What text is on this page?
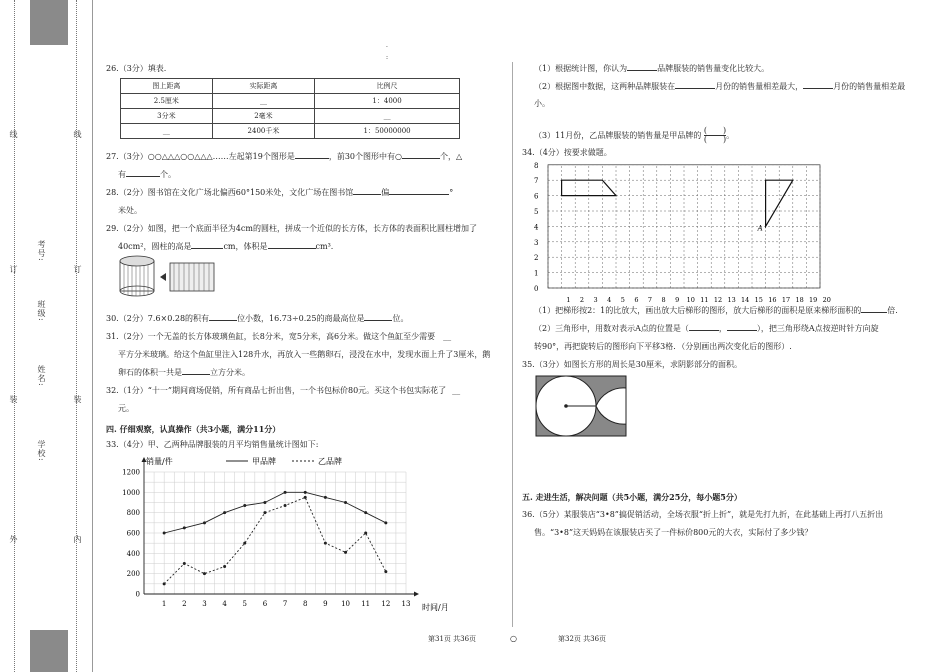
装
订
线
外
装
订
线
内
学校:
姓名:
班级:
考号:
·
:
26.（3分）填表.
图上距离	实际距离	比例尺
2.5厘米	__	1：4000
3分米	2毫米	__
__	2400千米	1：50000000
27.（3分）○○△△△○○△△△……左起第19个图形是	，前30个图形中有○	个，△
有	个。
28.（2分）图书馆在文化广场北偏西60°150米处，文化广场在图书馆	偏	°
米处。
29.（2分）如图，把一个底面半径为4cm的圆柱，拼成一个近似的长方体，长方体的表面积比圆柱增加了
40cm²，圆柱的高是	cm，体积是	cm³.
30.（2分）7.6×0.28的积有	位小数，16.73÷0.25的商最高位是	位。
31.（2分）一个无盖的长方体玻璃鱼缸，长8分米，宽5分米，高6分米。做这个鱼缸至少需要 __
平方分米玻璃。给这个鱼缸里注入128升水，再放入一些鹅卵石，浸没在水中，发现水面上升了3厘米，鹅
卵石的体积一共是	立方分米。
32.（1分）“十一”期间商场促销，所有商品七折出售，一个书包标价80元。买这个书包实际花了 __
元。
四. 仔细观察，认真操作（共3小题，满分11分）
33.（4分）甲、乙两种品牌服装的月平均销售量统计图如下:
0
200
400
600
800
1000
1200
1 2 3 4 5 6 7 8 9 10 11 12 13
销量/件
时间/月
甲品牌	乙品牌
（1）根据统计图，你认为	品牌服装的销售量变化比较大。
（2）根据图中数据，这两种品牌服装在	月份的销售量相差最大，	月份的销售量相差最
小。
（3）11月份，乙品牌服装的销售量是甲品牌的
(　　)
(　　) 。
34.（4分）按要求做题。
8
7
6
5
4
3
2
1
0
1 2 3 4 5 6 7 8 9 10 11 12 13 14 15 16 17 18 19 20
A
（1）把梯形按2：1的比放大，画出放大后梯形的图形，放大后梯形的面积是原来梯形面积的	倍.
（2）三角形中，用数对表示A点的位置是（	，	），把三角形绕A点按逆时针方向旋
转90°，再把旋转后的图形向下平移3格．（分别画出两次变化后的图形）.
35.（3分）如图长方形的周长是30厘米，求阴影部分的面积。
五. 走进生活，解决问题（共5小题，满分25分，每小题5分）
36.（5分）某服装店“3•8”搞促销活动，全场衣服“折上折”，就是先打九折，在此基础上再打八五折出
售。“3•8”这天妈妈在该服装店买了一件标价800元的大衣，实际付了多少钱？
第31页 共36页	○	第32页 共36页
